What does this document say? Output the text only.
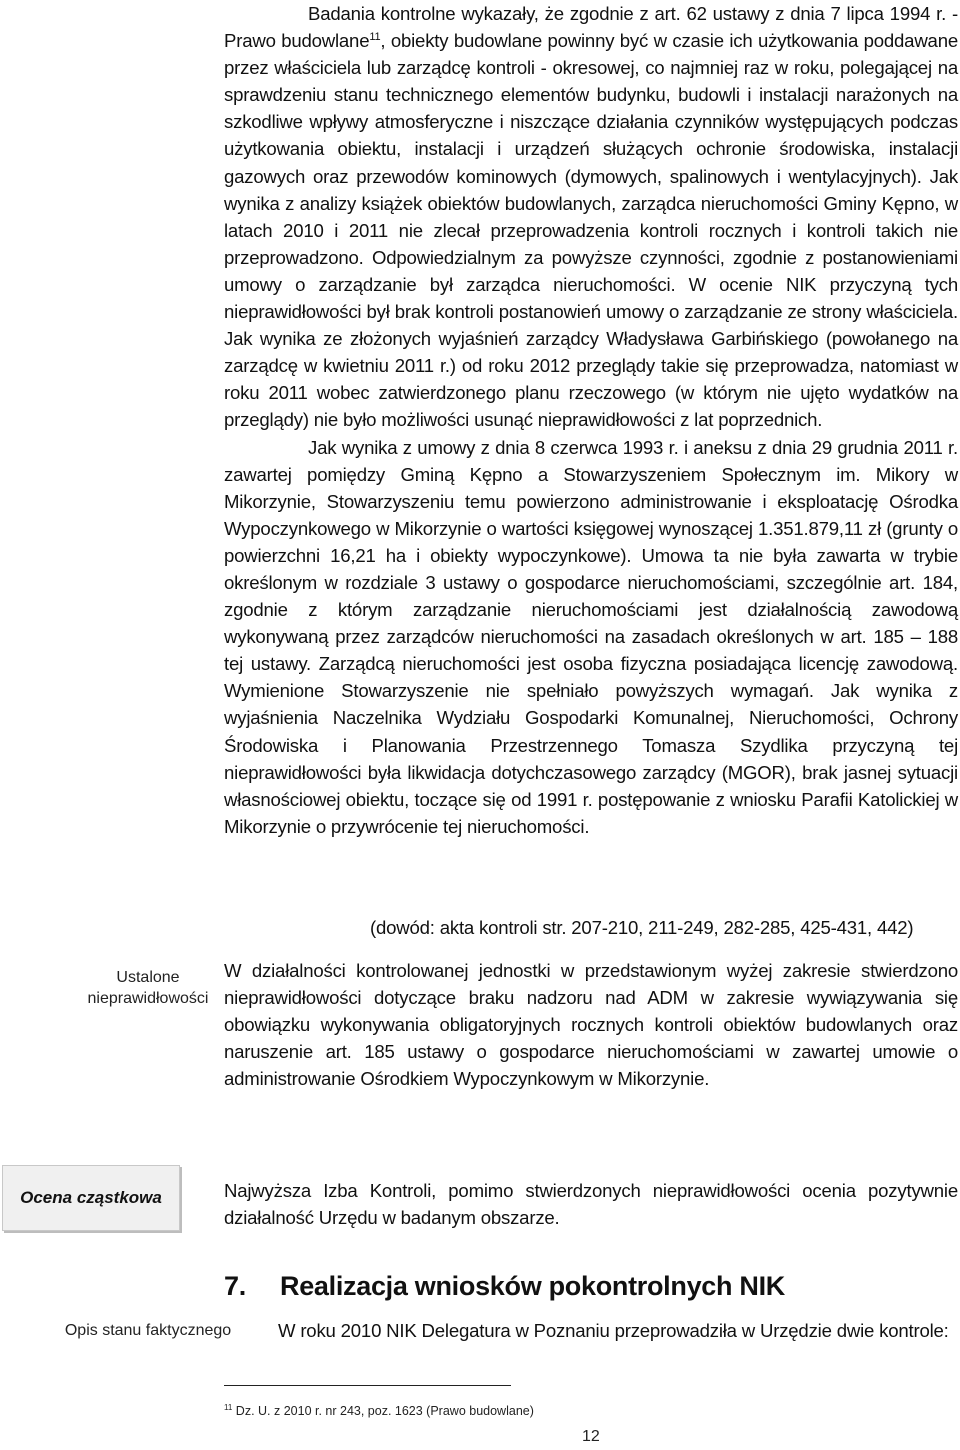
Badania kontrolne wykazały, że zgodnie z art. 62 ustawy z dnia 7 lipca 1994 r. - Prawo budowlane$^{11}$, obiekty budowlane powinny być w czasie ich użytkowania poddawane przez właściciela lub zarządcę kontroli - okresowej, co najmniej raz w roku, polegającej na sprawdzeniu stanu technicznego elementów budynku, budowli i instalacji narażonych na szkodliwe wpływy atmosferyczne i niszczące działania czynników występujących podczas użytkowania obiektu, instalacji i urządzeń służących ochronie środowiska, instalacji gazowych oraz przewodów kominowych (dymowych, spalinowych i wentylacyjnych). Jak wynika z analizy książek obiektów budowlanych, zarządca nieruchomości Gminy Kępno, w latach 2010 i 2011 nie zlecał przeprowadzenia kontroli rocznych i kontroli takich nie przeprowadzono. Odpowiedzialnym za powyższe czynności, zgodnie z postanowieniami umowy o zarządzanie był zarządca nieruchomości. W ocenie NIK przyczyną tych nieprawidłowości był brak kontroli postanowień umowy o zarządzanie ze strony właściciela. Jak wynika ze złożonych wyjaśnień zarządcy Władysława Garbińskiego (powołanego na zarządcę w kwietniu 2011 r.) od roku 2012 przeglądy takie się przeprowadza, natomiast w roku 2011 wobec zatwierdzonego planu rzeczowego (w którym nie ujęto wydatków na przeglądy) nie było możliwości usunąć nieprawidłowości z lat poprzednich.

Jak wynika z umowy z dnia 8 czerwca 1993 r. i aneksu z dnia 29 grudnia 2011 r. zawartej pomiędzy Gminą Kępno a Stowarzyszeniem Społecznym im. Mikory w Mikorzynie, Stowarzyszeniu temu powierzono administrowanie i eksploatację Ośrodka Wypoczynkowego w Mikorzynie o wartości księgowej wynoszącej 1.351.879,11 zł (grunty o powierzchni 16,21 ha i obiekty wypoczynkowe). Umowa ta nie była zawarta w trybie określonym w rozdziale 3 ustawy o gospodarce nieruchomościami, szczególnie art. 184, zgodnie z którym zarządzanie nieruchomościami jest działalnością zawodową wykonywaną przez zarządców nieruchomości na zasadach określonych w art. 185 – 188 tej ustawy. Zarządcą nieruchomości jest osoba fizyczna posiadająca licencję zawodową. Wymienione Stowarzyszenie nie spełniało powyższych wymagań. Jak wynika z wyjaśnienia Naczelnika Wydziału Gospodarki Komunalnej, Nieruchomości, Ochrony Środowiska i Planowania Przestrzennego Tomasza Szydlika przyczyną tej nieprawidłowości była likwidacja dotychczasowego zarządcy (MGOR), brak jasnej sytuacji własnościowej obiektu, toczące się od 1991 r. postępowanie z wniosku Parafii Katolickiej w Mikorzynie o przywrócenie tej nieruchomości.

(dowód: akta kontroli str. 207-210, 211-249, 282-285, 425-431, 442)
Ustalone nieprawidłowości
W działalności kontrolowanej jednostki w przedstawionym wyżej zakresie stwierdzono nieprawidłowości dotyczące braku nadzoru nad ADM w zakresie wywiązywania się obowiązku wykonywania obligatoryjnych rocznych kontroli obiektów budowlanych oraz naruszenie art. 185 ustawy o gospodarce nieruchomościami w zawartej umowie o administrowanie Ośrodkiem Wypoczynkowym w Mikorzynie.
Ocena cząstkowa	Najwyższa Izba Kontroli, pomimo stwierdzonych nieprawidłowości ocenia pozytywnie działalność Urzędu w badanym obszarze.
7. Realizacja wniosków pokontrolnych NIK
Opis stanu faktycznego	W roku 2010 NIK Delegatura w Poznaniu przeprowadziła w Urzędzie dwie kontrole:
$^{11}$ Dz. U. z 2010 r. nr 243, poz. 1623 (Prawo budowlane)
12
